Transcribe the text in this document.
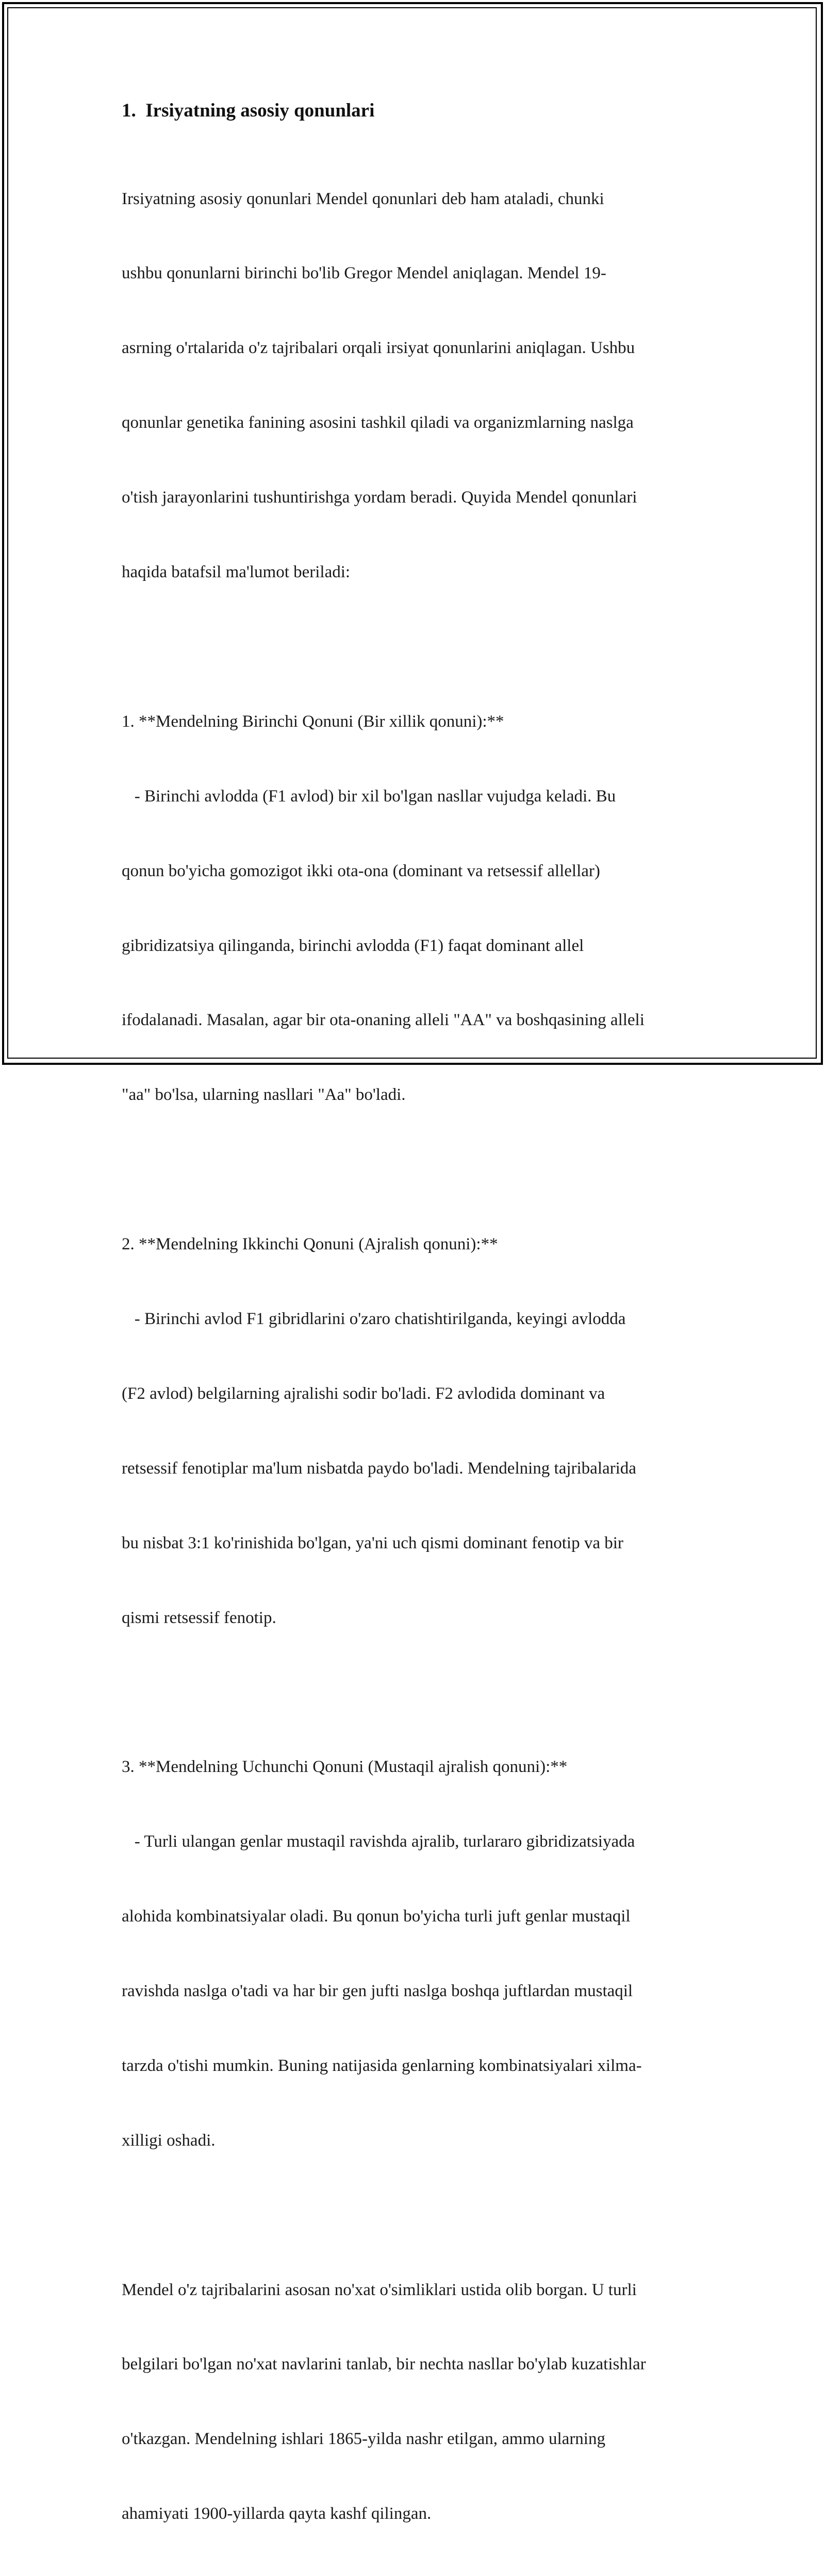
1.  Irsiyatning asosiy qonunlari

Irsiyatning asosiy qonunlari Mendel qonunlari deb ham ataladi, chunki

ushbu qonunlarni birinchi bo'lib Gregor Mendel aniqlagan. Mendel 19-

asrning o'rtalarida o'z tajribalari orqali irsiyat qonunlarini aniqlagan. Ushbu

qonunlar genetika fanining asosini tashkil qiladi va organizmlarning naslga

o'tish jarayonlarini tushuntirishga yordam beradi. Quyida Mendel qonunlari

haqida batafsil ma'lumot beriladi:

1. **Mendelning Birinchi Qonuni (Bir xillik qonuni):**

- Birinchi avlodda (F1 avlod) bir xil bo'lgan nasllar vujudga keladi. Bu

qonun bo'yicha gomozigot ikki ota-ona (dominant va retsessif allellar)

gibridizatsiya qilinganda, birinchi avlodda (F1) faqat dominant allel

ifodalanadi. Masalan, agar bir ota-onaning alleli "AA" va boshqasining alleli

"aa" bo'lsa, ularning nasllari "Aa" bo'ladi.

2. **Mendelning Ikkinchi Qonuni (Ajralish qonuni):**

- Birinchi avlod F1 gibridlarini o'zaro chatishtirilganda, keyingi avlodda

(F2 avlod) belgilarning ajralishi sodir bo'ladi. F2 avlodida dominant va

retsessif fenotiplar ma'lum nisbatda paydo bo'ladi. Mendelning tajribalarida

bu nisbat 3:1 ko'rinishida bo'lgan, ya'ni uch qismi dominant fenotip va bir

qismi retsessif fenotip.

3. **Mendelning Uchunchi Qonuni (Mustaqil ajralish qonuni):**

- Turli ulangan genlar mustaqil ravishda ajralib, turlararo gibridizatsiyada

alohida kombinatsiyalar oladi. Bu qonun bo'yicha turli juft genlar mustaqil

ravishda naslga o'tadi va har bir gen jufti naslga boshqa juftlardan mustaqil

tarzda o'tishi mumkin. Buning natijasida genlarning kombinatsiyalari xilma-

xilligi oshadi.

Mendel o'z tajribalarini asosan no'xat o'simliklari ustida olib borgan. U turli

belgilari bo'lgan no'xat navlarini tanlab, bir nechta nasllar bo'ylab kuzatishlar

o'tkazgan. Mendelning ishlari 1865-yilda nashr etilgan, ammo ularning

ahamiyati 1900-yillarda qayta kashf qilingan.
